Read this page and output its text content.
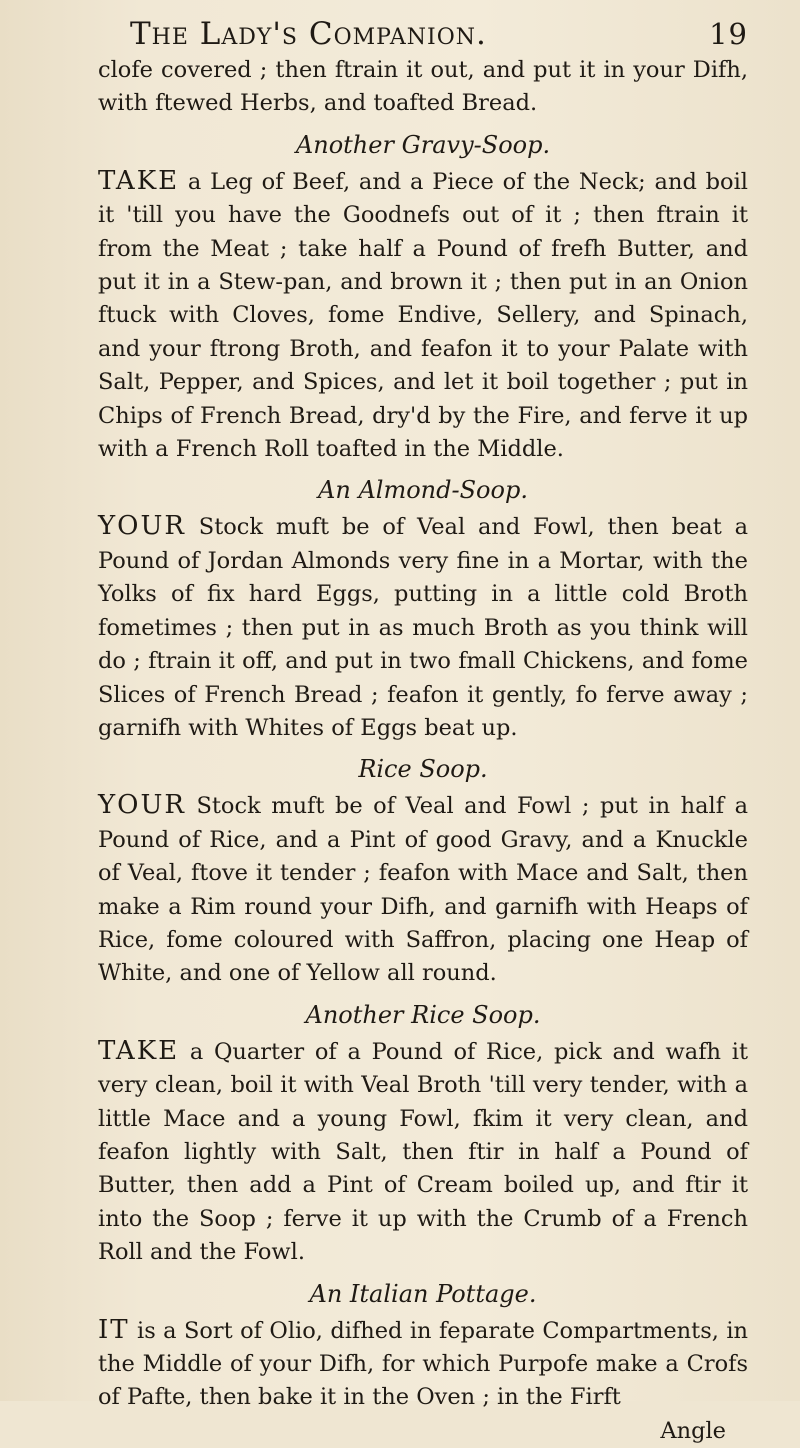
The Lady's Companion.	19

clofe covered ; then ftrain it out, and put it in your Difh, with ftewed Herbs, and toafted Bread.

Another Gravy-Soop.

TAKE a Leg of Beef, and a Piece of the Neck; and boil it 'till you have the Goodnefs out of it ; then ftrain it from the Meat ; take half a Pound of frefh Butter, and put it in a Stew-pan, and brown it ; then put in an Onion ftuck with Cloves, fome Endive, Sellery, and Spinach, and your ftrong Broth, and feafon it to your Palate with Salt, Pepper, and Spices, and let it boil together ; put in Chips of French Bread, dry'd by the Fire, and ferve it up with a French Roll toafted in the Middle.

An Almond-Soop.

YOUR Stock muft be of Veal and Fowl, then beat a Pound of Jordan Almonds very fine in a Mortar, with the Yolks of fix hard Eggs, putting in a little cold Broth fometimes ; then put in as much Broth as you think will do ; ftrain it off, and put in two fmall Chickens, and fome Slices of French Bread ; feafon it gently, fo ferve away ; garnifh with Whites of Eggs beat up.

Rice Soop.

YOUR Stock muft be of Veal and Fowl ; put in half a Pound of Rice, and a Pint of good Gravy, and a Knuckle of Veal, ftove it tender ; feafon with Mace and Salt, then make a Rim round your Difh, and garnifh with Heaps of Rice, fome coloured with Saffron, placing one Heap of White, and one of Yellow all round.

Another Rice Soop.

TAKE a Quarter of a Pound of Rice, pick and wafh it very clean, boil it with Veal Broth 'till very tender, with a little Mace and a young Fowl, fkim it very clean, and feafon lightly with Salt, then ftir in half a Pound of Butter, then add a Pint of Cream boiled up, and ftir it into the Soop ; ferve it up with the Crumb of a French Roll and the Fowl.

An Italian Pottage.

IT is a Sort of Olio, difhed in feparate Compartments, in the Middle of your Difh, for which Purpofe make a Crofs of Pafte, then bake it in the Oven ; in the Firft

Angle
